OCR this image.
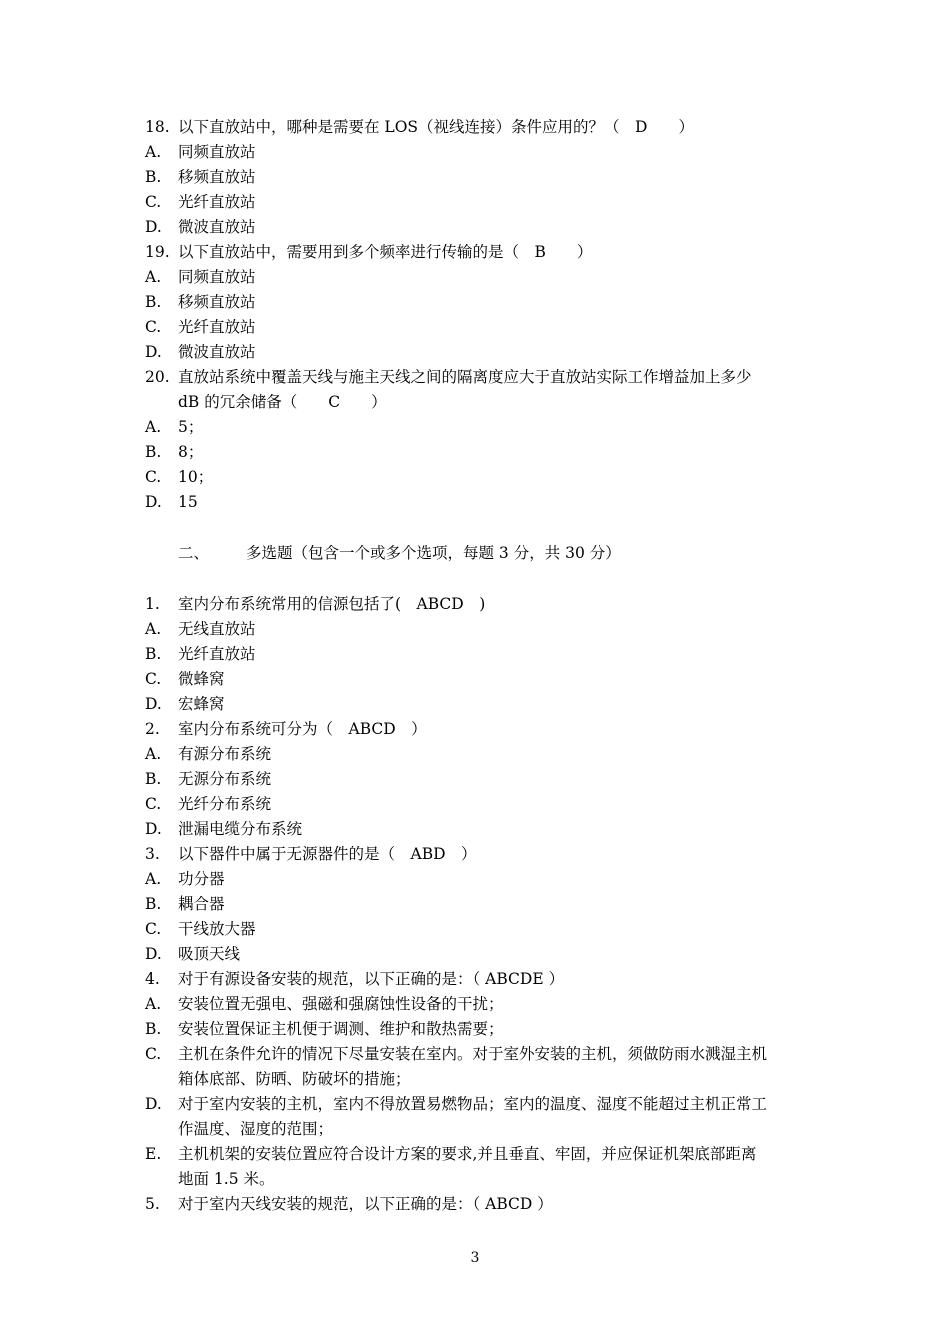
18. 以下直放站中，哪种是需要在 LOS（视线连接）条件应用的？（　D　　）
A. 同频直放站
B. 移频直放站
C. 光纤直放站
D. 微波直放站
19. 以下直放站中，需要用到多个频率进行传输的是（　B　　）
A. 同频直放站
B. 移频直放站
C. 光纤直放站
D. 微波直放站
20. 直放站系统中覆盖天线与施主天线之间的隔离度应大于直放站实际工作增益加上多少
dB 的冗余储备（　　C　　）
A. 5；
B. 8；
C. 10；
D. 15
二、 多选题（包含一个或多个选项，每题 3 分，共 30 分）
1. 室内分布系统常用的信源包括了(　ABCD　)
A. 无线直放站
B. 光纤直放站
C. 微蜂窝
D. 宏蜂窝
2. 室内分布系统可分为（　ABCD　）
A. 有源分布系统
B. 无源分布系统
C. 光纤分布系统
D. 泄漏电缆分布系统
3. 以下器件中属于无源器件的是（　ABD　）
A. 功分器
B. 耦合器
C. 干线放大器
D. 吸顶天线
4. 对于有源设备安装的规范，以下正确的是：（ ABCDE ）
A. 安装位置无强电、强磁和强腐蚀性设备的干扰；
B. 安装位置保证主机便于调测、维护和散热需要；
C. 主机在条件允许的情况下尽量安装在室内。对于室外安装的主机，须做防雨水溅湿主机
箱体底部、防晒、防破坏的措施；
D. 对于室内安装的主机，室内不得放置易燃物品；室内的温度、湿度不能超过主机正常工
作温度、湿度的范围；
E. 主机机架的安装位置应符合设计方案的要求,并且垂直、牢固，并应保证机架底部距离
地面 1.5 米。
5. 对于室内天线安装的规范，以下正确的是：（ ABCD ）
3
